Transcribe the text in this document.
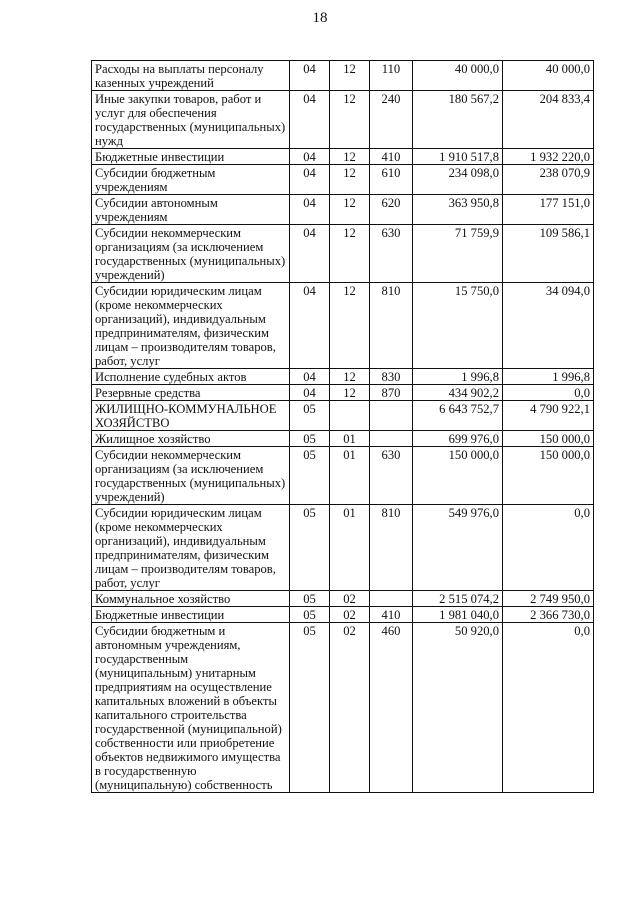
18
Расходы на выплаты персоналу казенных учреждений	04	12	110	40 000,0	40 000,0
Иные закупки товаров, работ и услуг для обеспечения государственных (муниципальных) нужд	04	12	240	180 567,2	204 833,4
Бюджетные инвестиции	04	12	410	1 910 517,8	1 932 220,0
Субсидии бюджетным учреждениям	04	12	610	234 098,0	238 070,9
Субсидии автономным учреждениям	04	12	620	363 950,8	177 151,0
Субсидии некоммерческим организациям (за исключением государственных (муниципальных) учреждений)	04	12	630	71 759,9	109 586,1
Субсидии юридическим лицам (кроме некоммерческих организаций), индивидуальным предпринимателям, физическим лицам – производителям товаров, работ, услуг	04	12	810	15 750,0	34 094,0
Исполнение судебных актов	04	12	830	1 996,8	1 996,8
Резервные средства	04	12	870	434 902,2	0,0
ЖИЛИЩНО-КОММУНАЛЬНОЕ ХОЗЯЙСТВО	05			6 643 752,7	4 790 922,1
Жилищное хозяйство	05	01		699 976,0	150 000,0
Субсидии некоммерческим организациям (за исключением государственных (муниципальных) учреждений)	05	01	630	150 000,0	150 000,0
Субсидии юридическим лицам (кроме некоммерческих организаций), индивидуальным предпринимателям, физическим лицам – производителям товаров, работ, услуг	05	01	810	549 976,0	0,0
Коммунальное хозяйство	05	02		2 515 074,2	2 749 950,0
Бюджетные инвестиции	05	02	410	1 981 040,0	2 366 730,0
Субсидии бюджетным и автономным учреждениям, государственным (муниципальным) унитарным предприятиям на осуществление капитальных вложений в объекты капитального строительства государственной (муниципальной) собственности или приобретение объектов недвижимого имущества в государственную (муниципальную) собственность	05	02	460	50 920,0	0,0
